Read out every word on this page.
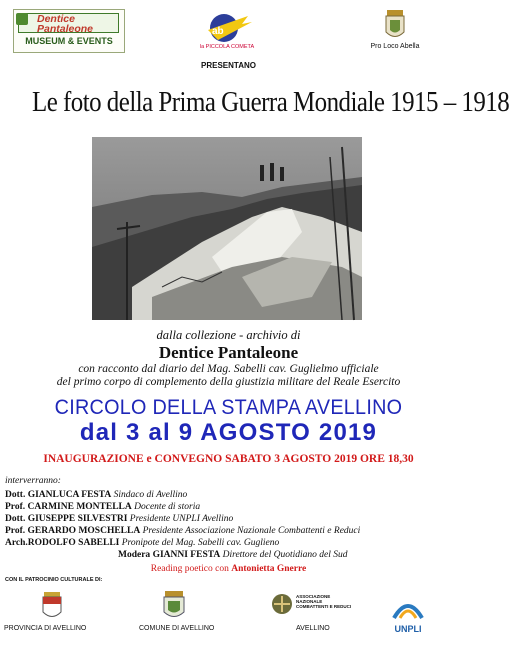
Dentice Pantaleone
MUSEUM & EVENTS
ab
la PICCOLA COMETA	Pro Loco Abella
PRESENTANO
Le foto della Prima Guerra Mondiale 1915 – 1918
dalla collezione - archivio di
Dentice Pantaleone
con racconto dal diario del Mag. Sabelli cav. Guglielmo ufficiale
del primo corpo di complemento della giustizia militare del Reale Esercito
CIRCOLO DELLA STAMPA AVELLINO
dal 3 al 9 AGOSTO 2019
INAUGURAZIONE e CONVEGNO SABATO 3 AGOSTO 2019 ORE 18,30
interverranno:
Dott. GIANLUCA FESTA Sindaco di Avellino
Prof. CARMINE MONTELLA Docente di storia
Dott. GIUSEPPE SILVESTRI Presidente UNPLI Avellino
Prof. GERARDO MOSCHELLA Presidente Associazione Nazionale Combattenti e Reduci
Arch.RODOLFO SABELLI Pronipote del Mag. Sabelli cav. Guglieno
Modera GIANNI FESTA Direttore del Quotidiano del Sud
Reading poetico con Antonietta Gnerre
CON IL PATROCINIO CULTURALE DI:
PROVINCIA DI AVELLINO	COMUNE DI AVELLINO
ASSOCIAZIONE NAZIONALE COMBATTENTI E REDUCI
AVELLINO	UNPLI
